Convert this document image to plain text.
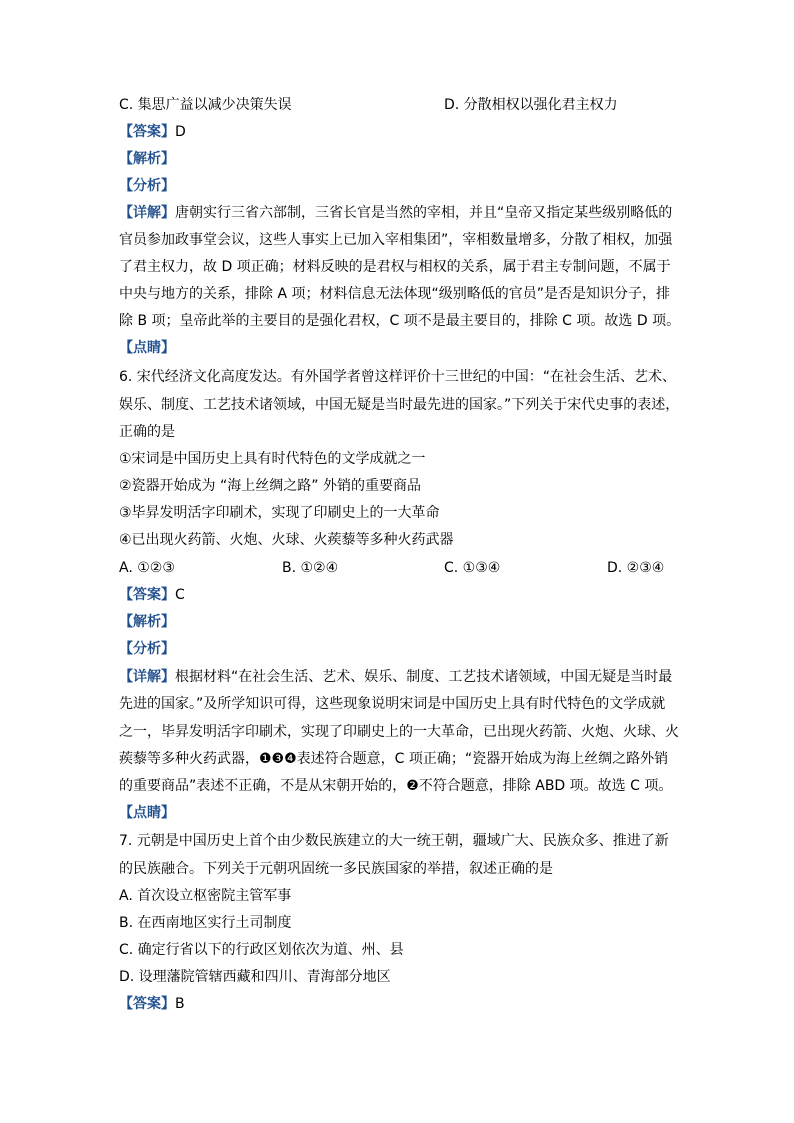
C. 集思广益以减少决策失误	D. 分散相权以强化君主权力
【答案】D
【解析】
【分析】
【详解】唐朝实行三省六部制，三省长官是当然的宰相，并且“皇帝又指定某些级别略低的
官员参加政事堂会议，这些人事实上已加入宰相集团”，宰相数量增多，分散了相权，加强
了君主权力，故 D 项正确；材料反映的是君权与相权的关系，属于君主专制问题，不属于
中央与地方的关系，排除 A 项；材料信息无法体现“级别略低的官员”是否是知识分子，排
除 B 项；皇帝此举的主要目的是强化君权，C 项不是最主要目的，排除 C 项。故选 D 项。
【点睛】
6. 宋代经济文化高度发达。有外国学者曾这样评价十三世纪的中国：“在社会生活、艺术、
娱乐、制度、工艺技术诸领域，中国无疑是当时最先进的国家。”下列关于宋代史事的表述，
正确的是
①宋词是中国历史上具有时代特色的文学成就之一
②瓷器开始成为 “海上丝绸之路” 外销的重要商品
③毕昇发明活字印刷术，实现了印刷史上的一大革命
④已出现火药箭、火炮、火球、火蒺藜等多种火药武器
A. ①②③	B. ①②④	C. ①③④	D. ②③④
【答案】C
【解析】
【分析】
【详解】根据材料“在社会生活、艺术、娱乐、制度、工艺技术诸领域，中国无疑是当时最
先进的国家。”及所学知识可得，这些现象说明宋词是中国历史上具有时代特色的文学成就
之一，毕昇发明活字印刷术，实现了印刷史上的一大革命，已出现火药箭、火炮、火球、火
蒺藜等多种火药武器，❶❸❹表述符合题意，C 项正确；“瓷器开始成为海上丝绸之路外销
的重要商品”表述不正确，不是从宋朝开始的，❷不符合题意，排除 ABD 项。故选 C 项。
【点睛】
7. 元朝是中国历史上首个由少数民族建立的大一统王朝，疆域广大、民族众多、推进了新
的民族融合。下列关于元朝巩固统一多民族国家的举措，叙述正确的是
A. 首次设立枢密院主管军事
B. 在西南地区实行土司制度
C. 确定行省以下的行政区划依次为道、州、县
D. 设理藩院管辖西藏和四川、青海部分地区
【答案】B
